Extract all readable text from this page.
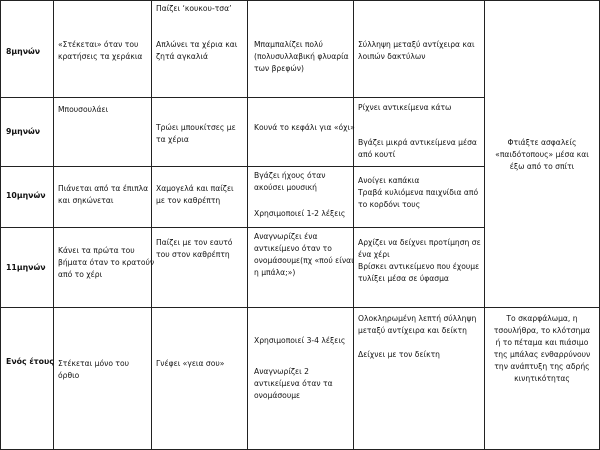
8μηνών
«Στέκεται» όταν του
κρατήσεις τα χεράκια
Παίζει ‘κουκου-τσα’
Απλώνει τα χέρια και
ζητά αγκαλιά
Μπαμπαλίζει πολύ
(πολυσυλλαβική φλυαρία
των βρεφών)
Σύλληψη μεταξύ αντίχειρα και
λοιπών δακτύλων
9μηνών
Μπουσουλάει
Τρώει μπουκίτσες με
τα χέρια
Κουνά το κεφάλι για «όχι»
Ρίχνει αντικείμενα κάτω
Βγάζει μικρά αντικείμενα μέσα
από κουτί
10μηνών
Πιάνεται από τα έπιπλα
και σηκώνεται
Χαμογελά και παίζει
με τον καθρέπτη
Βγάζει ήχους όταν
ακούσει μουσική
Χρησιμοποιεί 1-2 λέξεις
Ανοίγει καπάκια
Τραβά κυλιόμενα παιχνίδια από
το κορδόνι τους
11μηνών
Κάνει τα πρώτα του
βήματα όταν το κρατούν
από το χέρι
Παίζει με τον εαυτό
του στον καθρέπτη
Αναγνωρίζει ένα
αντικείμενο όταν το
ονομάσουμε(πχ «πού είναι
η μπάλα;»)
Αρχίζει να δείχνει προτίμηση σε
ένα χέρι
Βρίσκει αντικείμενο που έχουμε
τυλίξει μέσα σε ύφασμα
Ενός έτους Στέκεται μόνο του
όρθιο
Γνέφει «γεια σου»
Χρησιμοποιεί 3-4 λέξεις
Αναγνωρίζει 2
αντικείμενα όταν τα
ονομάσουμε
Ολοκληρωμένη λεπτή σύλληψη
μεταξύ αντίχειρα και δείκτη
Δείχνει με τον δείκτη
Φτιάξτε ασφαλείς
«παιδότοπους» μέσα και
έξω από το σπίτι
Το σκαρφάλωμα, η
τσουλήθρα, το κλότσημα
ή το πέταμα και πιάσιμο
της μπάλας ενθαρρύνουν
την ανάπτυξη της αδρής
κινητικότητας
